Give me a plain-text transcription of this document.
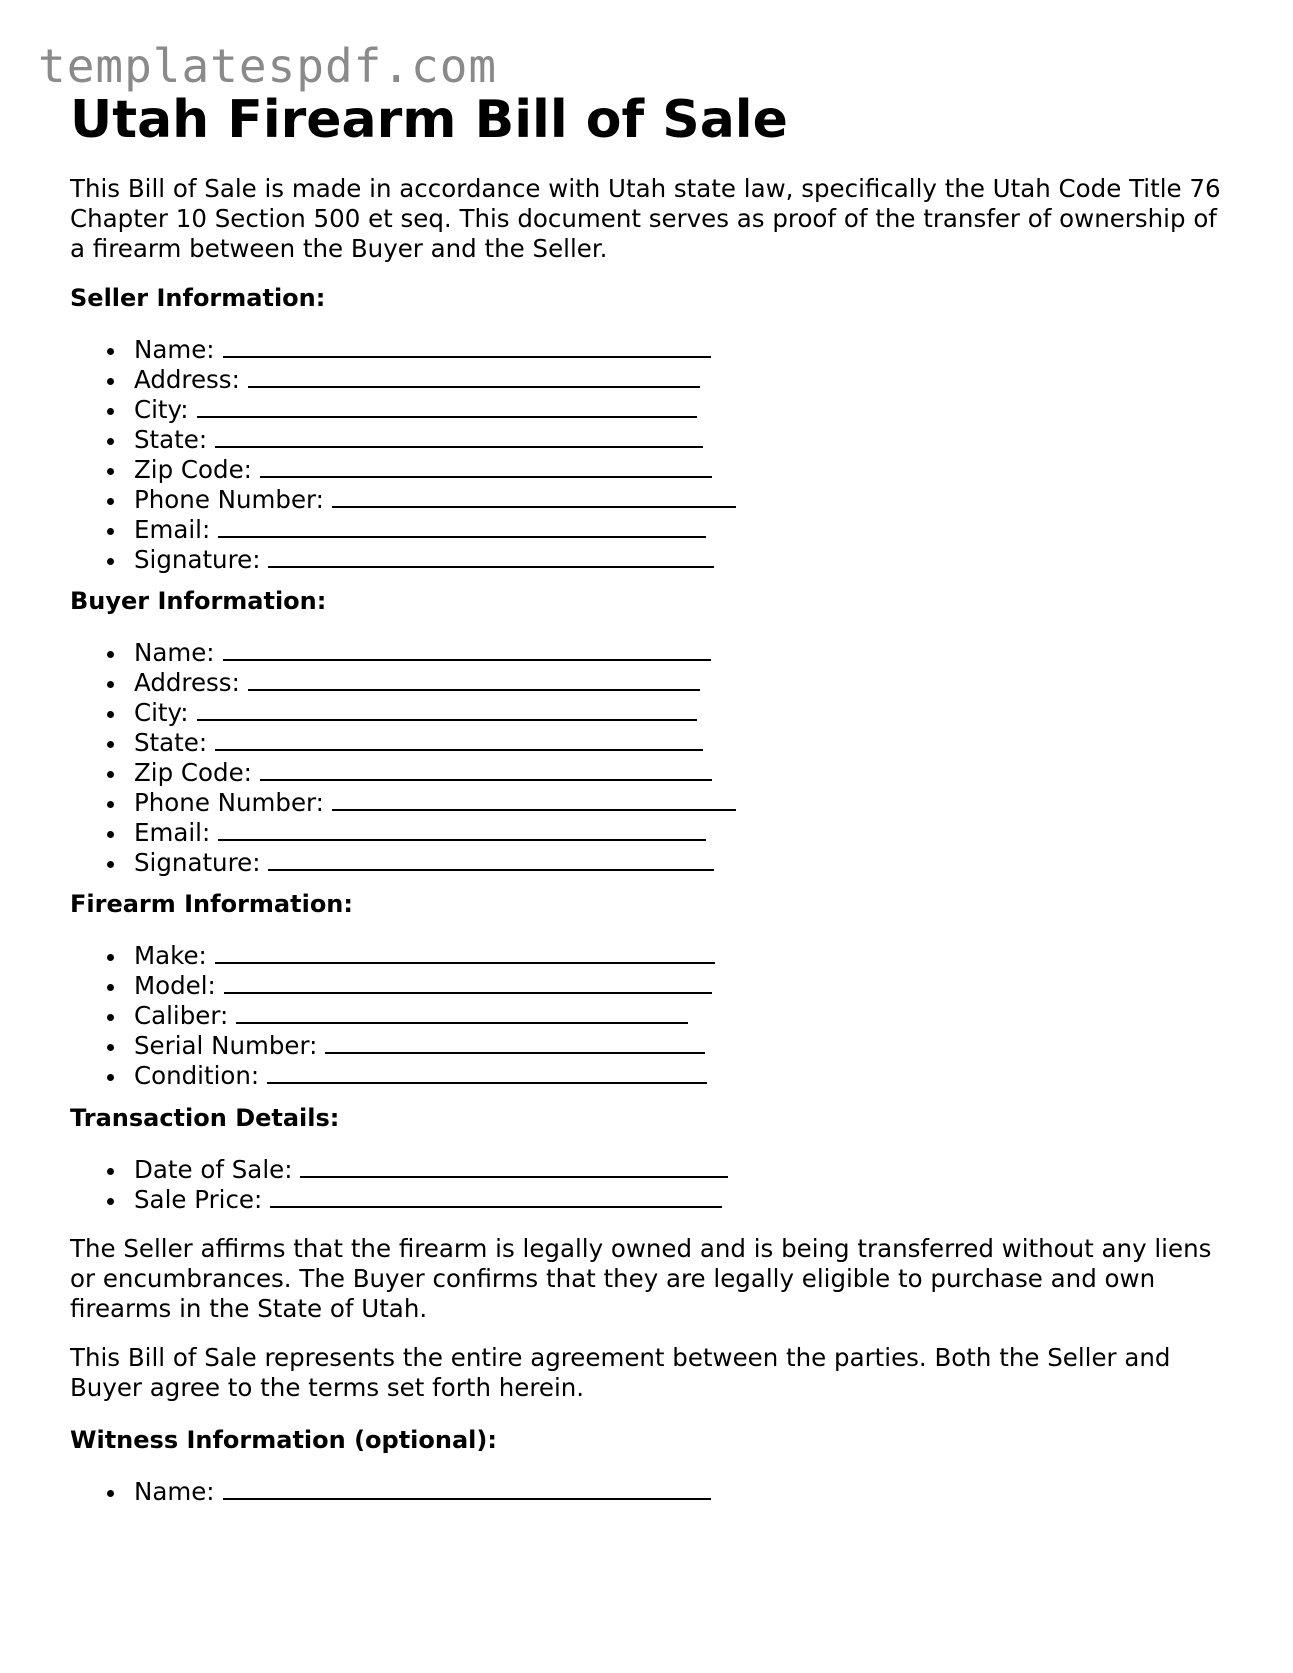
templatespdf.com
Utah Firearm Bill of Sale

This Bill of Sale is made in accordance with Utah state law, specifically the Utah Code Title 76 Chapter 10 Section 500 et seq. This document serves as proof of the transfer of ownership of a firearm between the Buyer and the Seller.

Seller Information:
Name:
Address:
City:
State:
Zip Code:
Phone Number:
Email:
Signature:
Buyer Information:
Name:
Address:
City:
State:
Zip Code:
Phone Number:
Email:
Signature:
Firearm Information:
Make:
Model:
Caliber:
Serial Number:
Condition:
Transaction Details:
Date of Sale:
Sale Price:

The Seller affirms that the firearm is legally owned and is being transferred without any liens or encumbrances. The Buyer confirms that they are legally eligible to purchase and own firearms in the State of Utah.

This Bill of Sale represents the entire agreement between the parties. Both the Seller and Buyer agree to the terms set forth herein.

Witness Information (optional):
Name:
